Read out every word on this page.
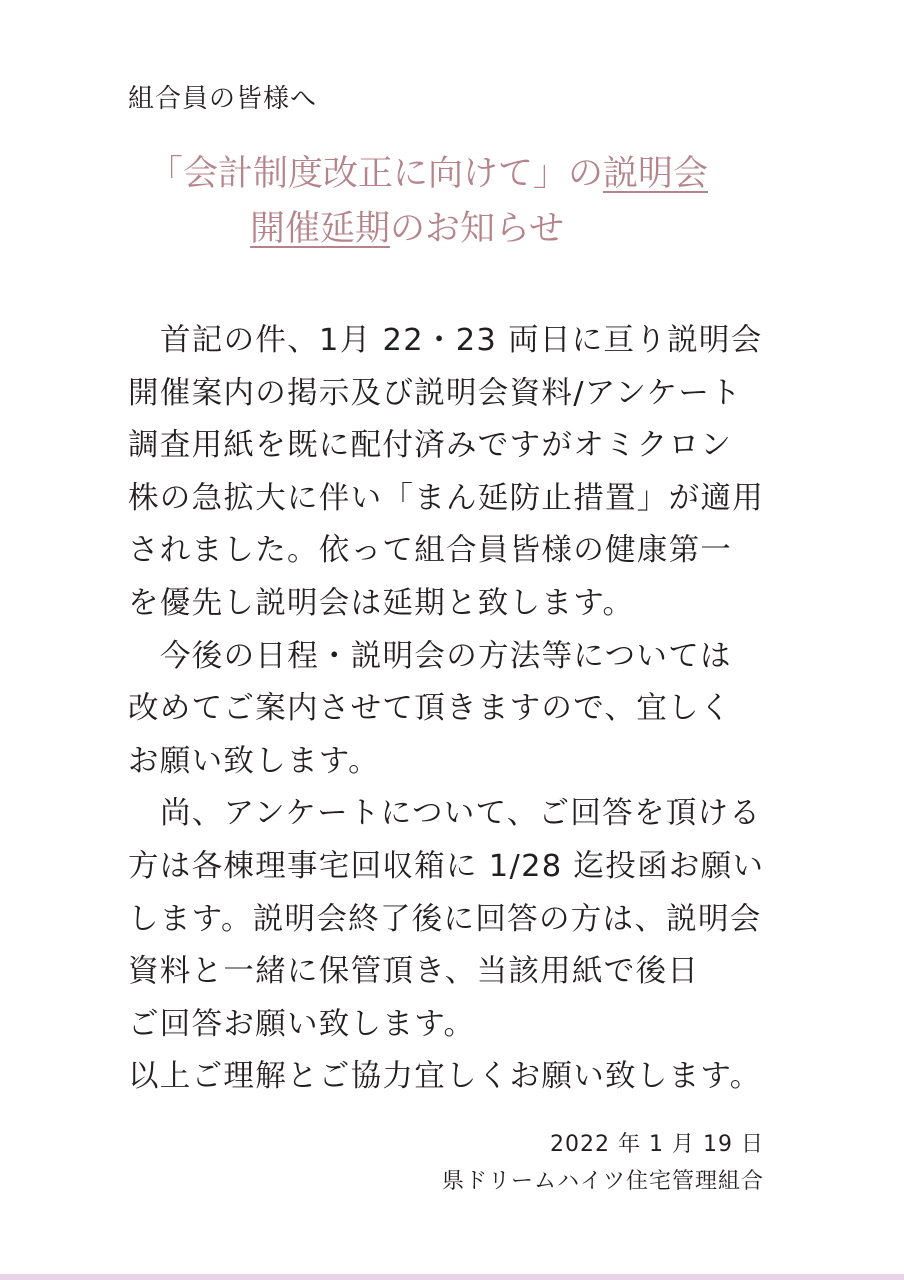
組合員の皆様へ
「会計制度改正に向けて」の説明会
開催延期のお知らせ

首記の件、1月 22・23 両日に亘り説明会

開催案内の掲示及び説明会資料/アンケート

調査用紙を既に配付済みですがオミクロン

株の急拡大に伴い「まん延防止措置」が適用

されました。依って組合員皆様の健康第一

を優先し説明会は延期と致します。

今後の日程・説明会の方法等については

改めてご案内させて頂きますので、宜しく

お願い致します。

尚、アンケートについて、ご回答を頂ける

方は各棟理事宅回収箱に 1/28 迄投函お願い

します。説明会終了後に回答の方は、説明会

資料と一緒に保管頂き、当該用紙で後日

ご回答お願い致します。

以上ご理解とご協力宜しくお願い致します。

2022 年 1 月 19 日
県ドリームハイツ住宅管理組合
